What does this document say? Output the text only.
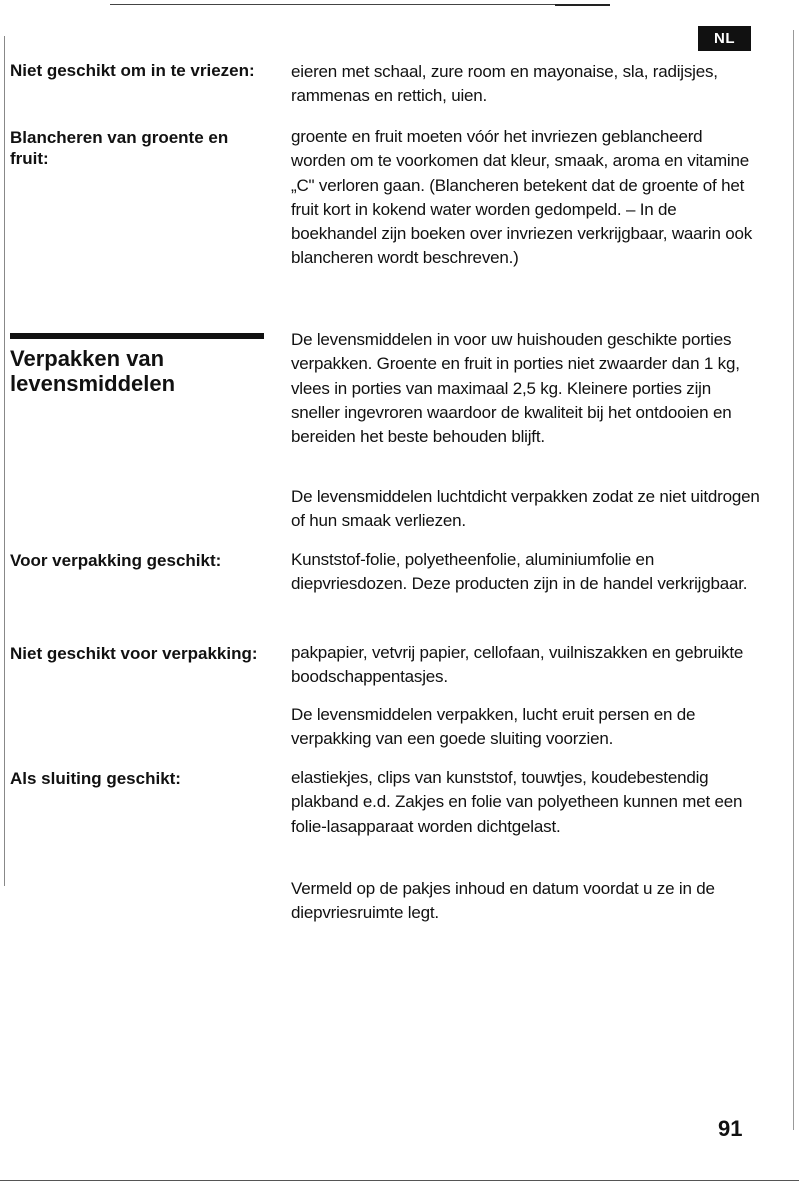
NL
Niet geschikt om in te vriezen:	eieren met schaal, zure room en mayonaise, sla, radijsjes, rammenas en rettich, uien.
Blancheren van groente en fruit:
groente en fruit moeten vóór het invriezen geblancheerd worden om te voorkomen dat kleur, smaak, aroma en vitamine „C" verloren gaan. (Blancheren betekent dat de groente of het fruit kort in kokend water worden gedompeld. – In de boekhandel zijn boeken over invriezen verkrijgbaar, waarin ook blancheren wordt beschreven.)
Verpakken van levensmiddelen
De levensmiddelen in voor uw huishouden geschikte porties verpakken. Groente en fruit in porties niet zwaarder dan 1 kg, vlees in porties van maximaal 2,5 kg. Kleinere porties zijn sneller ingevroren waardoor de kwaliteit bij het ontdooien en bereiden het beste behouden blijft.
De levensmiddelen luchtdicht verpakken zodat ze niet uitdrogen of hun smaak verliezen.
Voor verpakking geschikt:	Kunststof-folie, polyetheenfolie, aluminiumfolie en diepvriesdozen. Deze producten zijn in de handel verkrijgbaar.
Niet geschikt voor verpakking:	pakpapier, vetvrij papier, cellofaan, vuilniszakken en gebruikte boodschappentasjes.
De levensmiddelen verpakken, lucht eruit persen en de verpakking van een goede sluiting voorzien.
Als sluiting geschikt:	elastiekjes, clips van kunststof, touwtjes, koudebestendig plakband e.d. Zakjes en folie van polyetheen kunnen met een folie-lasapparaat worden dichtgelast.
Vermeld op de pakjes inhoud en datum voordat u ze in de diepvriesruimte legt.
91
